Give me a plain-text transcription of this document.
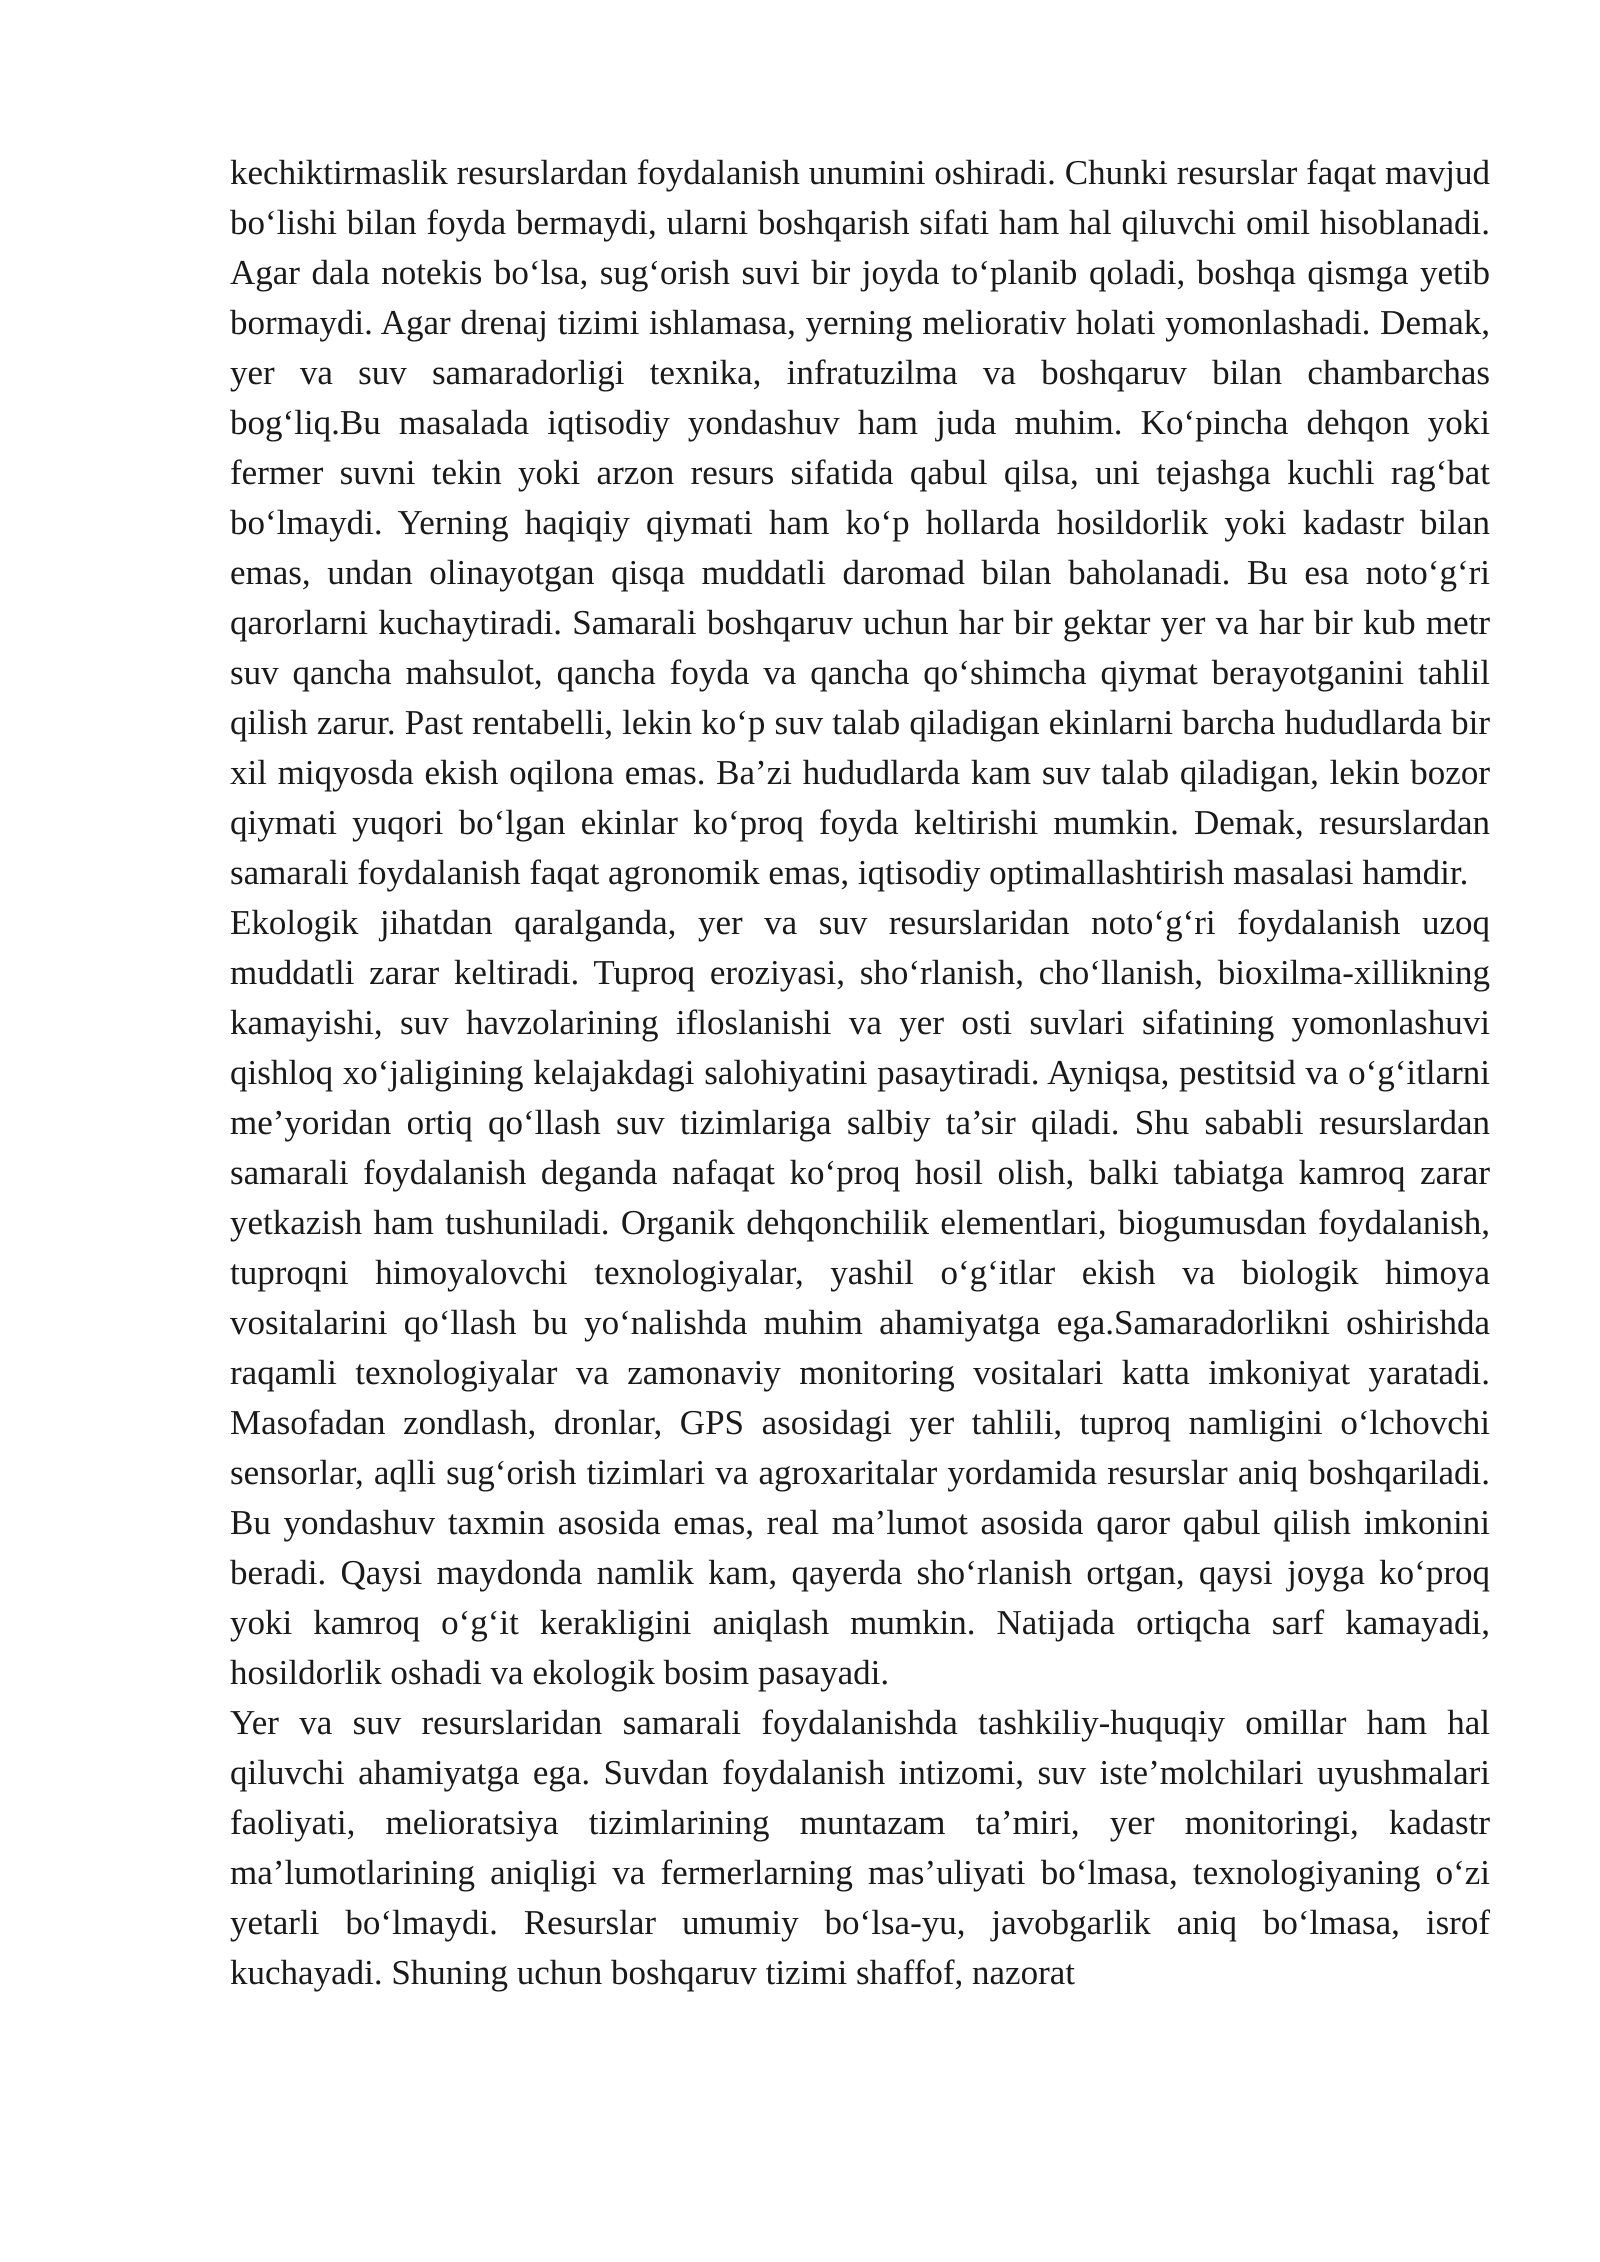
kechiktirmaslik resurslardan foydalanish unumini oshiradi. Chunki resurslar faqat mavjud bo‘lishi bilan foyda bermaydi, ularni boshqarish sifati ham hal qiluvchi omil hisoblanadi. Agar dala notekis bo‘lsa, sug‘orish suvi bir joyda to‘planib qoladi, boshqa qismga yetib bormaydi. Agar drenaj tizimi ishlamasa, yerning meliorativ holati yomonlashadi. Demak, yer va suv samaradorligi texnika, infratuzilma va boshqaruv bilan chambarchas bog‘liq.Bu masalada iqtisodiy yondashuv ham juda muhim. Ko‘pincha dehqon yoki fermer suvni tekin yoki arzon resurs sifatida qabul qilsa, uni tejashga kuchli rag‘bat bo‘lmaydi. Yerning haqiqiy qiymati ham ko‘p hollarda hosildorlik yoki kadastr bilan emas, undan olinayotgan qisqa muddatli daromad bilan baholanadi. Bu esa noto‘g‘ri qarorlarni kuchaytiradi. Samarali boshqaruv uchun har bir gektar yer va har bir kub metr suv qancha mahsulot, qancha foyda va qancha qo‘shimcha qiymat berayotganini tahlil qilish zarur. Past rentabelli, lekin ko‘p suv talab qiladigan ekinlarni barcha hududlarda bir xil miqyosda ekish oqilona emas. Ba’zi hududlarda kam suv talab qiladigan, lekin bozor qiymati yuqori bo‘lgan ekinlar ko‘proq foyda keltirishi mumkin. Demak, resurslardan samarali foydalanish faqat agronomik emas, iqtisodiy optimallashtirish masalasi hamdir.

Ekologik jihatdan qaralganda, yer va suv resurslaridan noto‘g‘ri foydalanish uzoq muddatli zarar keltiradi. Tuproq eroziyasi, sho‘rlanish, cho‘llanish, bioxilma-xillikning kamayishi, suv havzolarining ifloslanishi va yer osti suvlari sifatining yomonlashuvi qishloq xo‘jaligining kelajakdagi salohiyatini pasaytiradi. Ayniqsa, pestitsid va o‘g‘itlarni me’yoridan ortiq qo‘llash suv tizimlariga salbiy ta’sir qiladi. Shu sababli resurslardan samarali foydalanish deganda nafaqat ko‘proq hosil olish, balki tabiatga kamroq zarar yetkazish ham tushuniladi. Organik dehqonchilik elementlari, biogumusdan foydalanish, tuproqni himoyalovchi texnologiyalar, yashil o‘g‘itlar ekish va biologik himoya vositalarini qo‘llash bu yo‘nalishda muhim ahamiyatga ega.Samaradorlikni oshirishda raqamli texnologiyalar va zamonaviy monitoring vositalari katta imkoniyat yaratadi. Masofadan zondlash, dronlar, GPS asosidagi yer tahlili, tuproq namligini o‘lchovchi sensorlar, aqlli sug‘orish tizimlari va agroxaritalar yordamida resurslar aniq boshqariladi. Bu yondashuv taxmin asosida emas, real ma’lumot asosida qaror qabul qilish imkonini beradi. Qaysi maydonda namlik kam, qayerda sho‘rlanish ortgan, qaysi joyga ko‘proq yoki kamroq o‘g‘it kerakligini aniqlash mumkin. Natijada ortiqcha sarf kamayadi, hosildorlik oshadi va ekologik bosim pasayadi.

Yer va suv resurslaridan samarali foydalanishda tashkiliy-huquqiy omillar ham hal qiluvchi ahamiyatga ega. Suvdan foydalanish intizomi, suv iste’molchilari uyushmalari faoliyati, melioratsiya tizimlarining muntazam ta’miri, yer monitoringi, kadastr ma’lumotlarining aniqligi va fermerlarning mas’uliyati bo‘lmasa, texnologiyaning o‘zi yetarli bo‘lmaydi. Resurslar umumiy bo‘lsa-yu, javobgarlik aniq bo‘lmasa, isrof kuchayadi. Shuning uchun boshqaruv tizimi shaffof, nazorat
